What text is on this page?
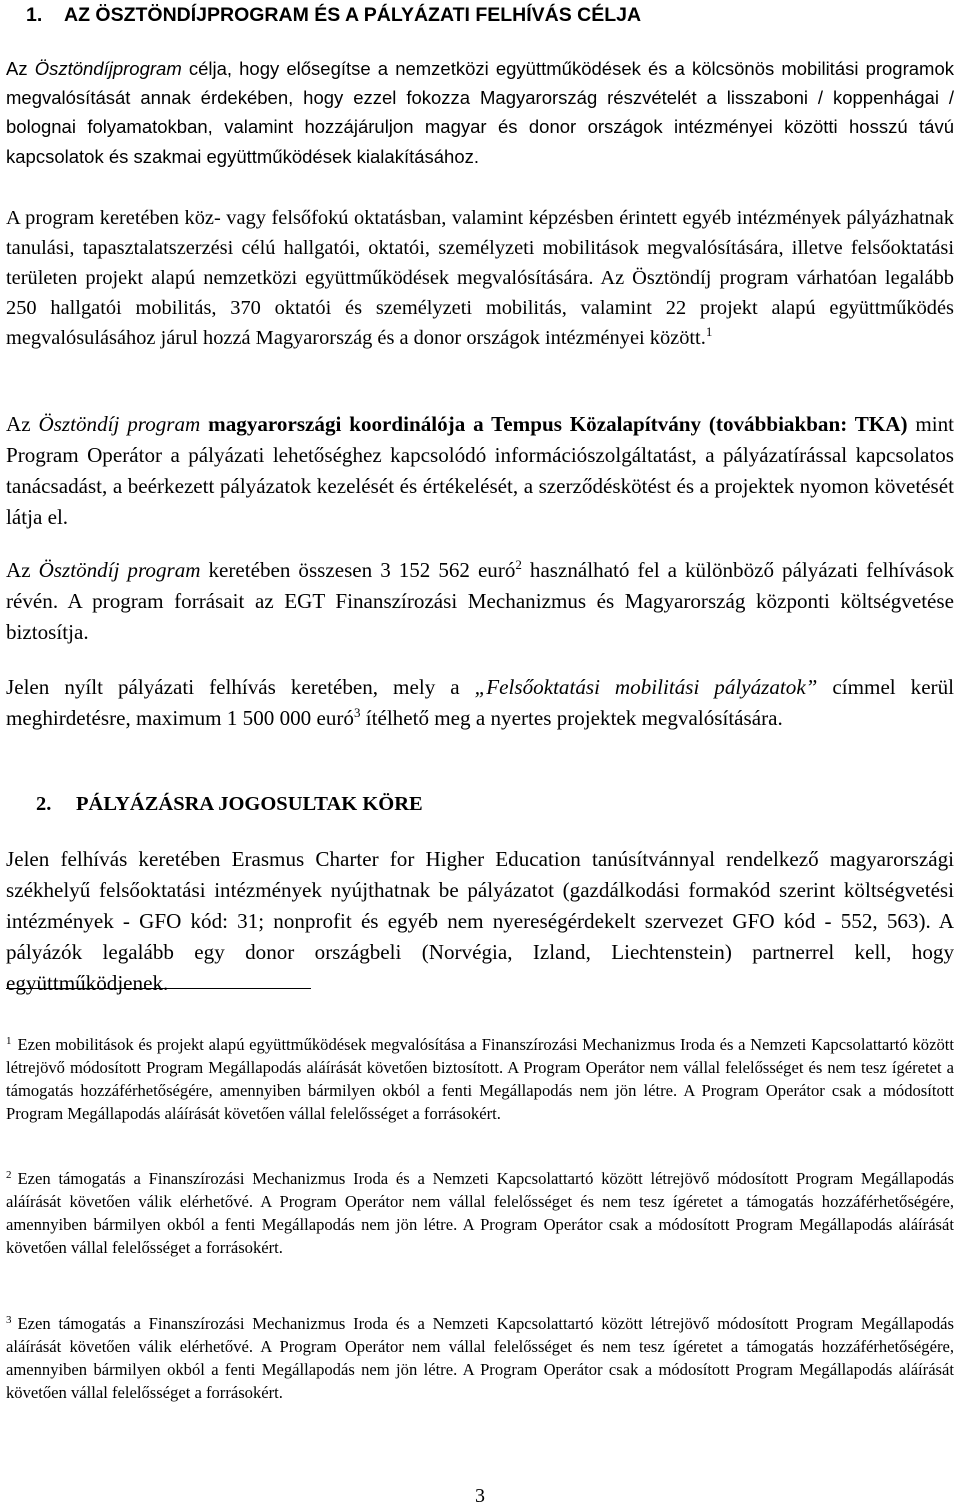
1. AZ ÖSZTÖNDÍJPROGRAM ÉS A PÁLYÁZATI FELHÍVÁS CÉLJA
Az Ösztöndíjprogram célja, hogy elősegítse a nemzetközi együttműködések és a kölcsönös mobilitási programok megvalósítását annak érdekében, hogy ezzel fokozza Magyarország részvételét a lisszaboni / koppenhágai / bolognai folyamatokban, valamint hozzájáruljon magyar és donor országok intézményei közötti hosszú távú kapcsolatok és szakmai együttműködések kialakításához.
A program keretében köz- vagy felsőfokú oktatásban, valamint képzésben érintett egyéb intézmények pályázhatnak tanulási, tapasztalatszerzési célú hallgatói, oktatói, személyzeti mobilitások megvalósítására, illetve felsőoktatási területen projekt alapú nemzetközi együttműködések megvalósítására. Az Ösztöndíj program várhatóan legalább 250 hallgatói mobilitás, 370 oktatói és személyzeti mobilitás, valamint 22 projekt alapú együttműködés megvalósulásához járul hozzá Magyarország és a donor országok intézményei között.$^1$
Az Ösztöndíj program magyarországi koordinálója a Tempus Közalapítvány (továbbiakban: TKA) mint Program Operátor a pályázati lehetőséghez kapcsolódó információszolgáltatást, a pályázatírással kapcsolatos tanácsadást, a beérkezett pályázatok kezelését és értékelését, a szerződéskötést és a projektek nyomon követését látja el.
Az Ösztöndíj program keretében összesen 3 152 562 euró$^2$ használható fel a különböző pályázati felhívások révén. A program forrásait az EGT Finanszírozási Mechanizmus és Magyarország központi költségvetése biztosítja.
Jelen nyílt pályázati felhívás keretében, mely a „Felsőoktatási mobilitási pályázatok” címmel kerül meghirdetésre, maximum 1 500 000 euró$^3$ ítélhető meg a nyertes projektek megvalósítására.
2. PÁLYÁZÁSRA JOGOSULTAK KÖRE
Jelen felhívás keretében Erasmus Charter for Higher Education tanúsítvánnyal rendelkező magyarországi székhelyű felsőoktatási intézmények nyújthatnak be pályázatot (gazdálkodási formakód szerint költségvetési intézmények - GFO kód: 31; nonprofit és egyéb nem nyereségérdekelt szervezet GFO kód - 552, 563). A pályázók legalább egy donor országbeli (Norvégia, Izland, Liechtenstein) partnerrel kell, hogy együttműködjenek.
$^1$ Ezen mobilitások és projekt alapú együttműködések megvalósítása a Finanszírozási Mechanizmus Iroda és a Nemzeti Kapcsolattartó között létrejövő módosított Program Megállapodás aláírását követően biztosított. A Program Operátor nem vállal felelősséget és nem tesz ígéretet a támogatás hozzáférhetőségére, amennyiben bármilyen okból a fenti Megállapodás nem jön létre. A Program Operátor csak a módosított Program Megállapodás aláírását követően vállal felelősséget a forrásokért.
$^2$ Ezen támogatás a Finanszírozási Mechanizmus Iroda és a Nemzeti Kapcsolattartó között létrejövő módosított Program Megállapodás aláírását követően válik elérhetővé. A Program Operátor nem vállal felelősséget és nem tesz ígéretet a támogatás hozzáférhetőségére, amennyiben bármilyen okból a fenti Megállapodás nem jön létre. A Program Operátor csak a módosított Program Megállapodás aláírását követően vállal felelősséget a forrásokért.
$^3$ Ezen támogatás a Finanszírozási Mechanizmus Iroda és a Nemzeti Kapcsolattartó között létrejövő módosított Program Megállapodás aláírását követően válik elérhetővé. A Program Operátor nem vállal felelősséget és nem tesz ígéretet a támogatás hozzáférhetőségére, amennyiben bármilyen okból a fenti Megállapodás nem jön létre. A Program Operátor csak a módosított Program Megállapodás aláírását követően vállal felelősséget a forrásokért.
3
